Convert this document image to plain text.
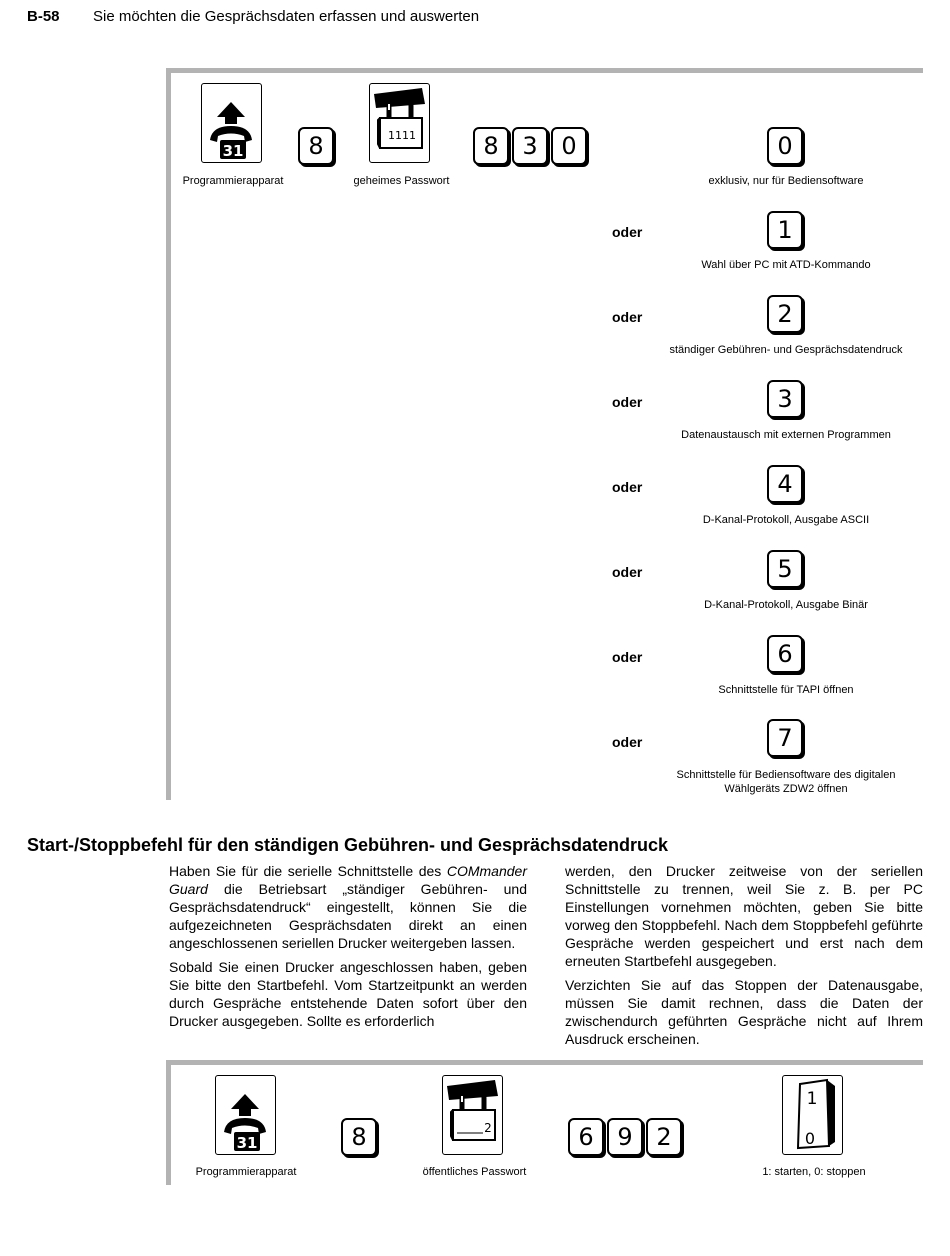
B-58 Sie möchten die Gesprächsdaten erfassen und auswerten
31
Programmierapparat
8	1111
geheimes Passwort
8 3 0	0
exklusiv, nur für Bediensoftware
oder	1
Wahl über PC mit ATD-Kommando
oder	2
ständiger Gebühren- und Gesprächsdatendruck
oder	3
Datenaustausch mit externen Programmen
oder	4
D-Kanal-Protokoll, Ausgabe ASCII
oder	5
D-Kanal-Protokoll, Ausgabe Binär
oder	6
Schnittstelle für TAPI öffnen
oder	7
Schnittstelle für Bediensoftware des digitalen Wählgeräts ZDW2 öffnen
Start-/Stoppbefehl für den ständigen Gebühren- und Gesprächsdatendruck

Haben Sie für die serielle Schnittstelle des COMmander Guard die Betriebsart „ständiger Gebühren- und Gesprächsdatendruck“ eingestellt, können Sie die aufgezeichneten Gesprächsdaten direkt an einen angeschlossenen seriellen Drucker weitergeben lassen.

Sobald Sie einen Drucker angeschlossen haben, geben Sie bitte den Startbefehl. Vom Startzeitpunkt an werden durch Gespräche entstehende Daten sofort über den Drucker ausgegeben. Sollte es erforderlich

werden, den Drucker zeitweise von der seriellen Schnittstelle zu trennen, weil Sie z. B. per PC Einstellungen vornehmen möchten, geben Sie bitte vorweg den Stoppbefehl. Nach dem Stoppbefehl geführte Gespräche werden gespeichert und erst nach dem erneuten Startbefehl ausgegeben.

Verzichten Sie auf das Stoppen der Datenausgabe, müssen Sie damit rechnen, dass die Daten der zwischendurch geführten Gespräche nicht auf Ihrem Ausdruck erscheinen.

31
Programmierapparat
8	2
öffentliches Passwort
6 9 2
1
0
1: starten, 0: stoppen
